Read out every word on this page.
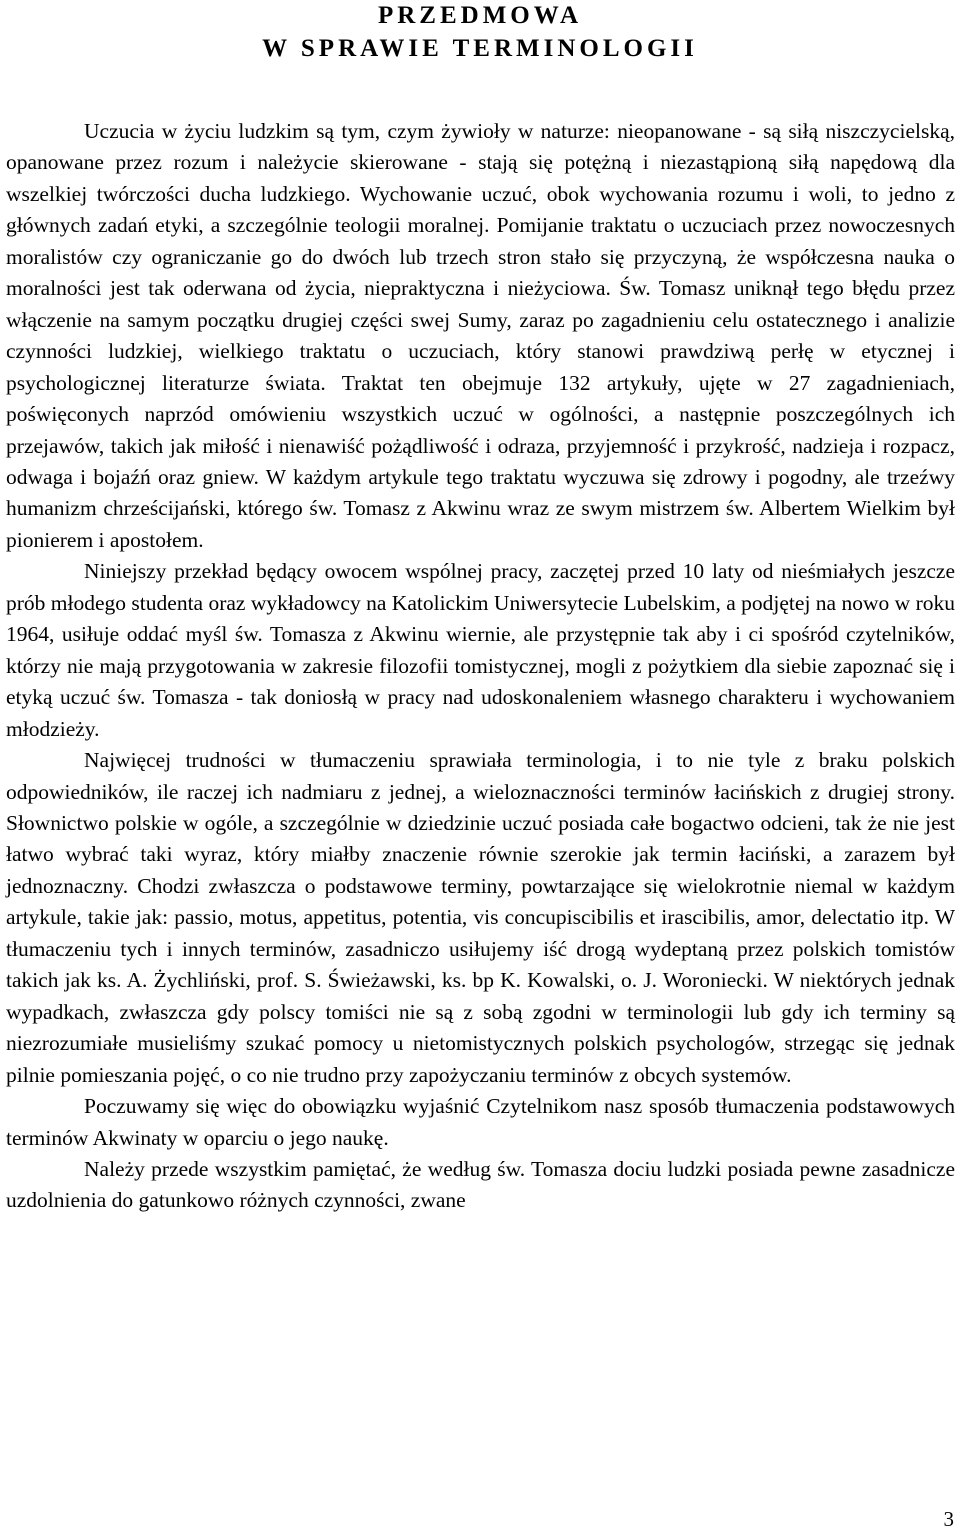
PRZEDMOWA
W SPRAWIE TERMINOLOGII

Uczucia w życiu ludzkim są tym, czym żywioły w naturze: nieopanowane - są siłą niszczycielską, opanowane przez rozum i należycie skierowane - stają się potężną i niezastąpioną siłą napędową dla wszelkiej twórczości ducha ludzkiego. Wychowanie uczuć, obok wychowania rozumu i woli, to jedno z głównych zadań etyki, a szczególnie teologii moralnej. Pomijanie traktatu o uczuciach przez nowoczesnych moralistów czy ograniczanie go do dwóch lub trzech stron stało się przyczyną, że współczesna nauka o moralności jest tak oderwana od życia, niepraktyczna i nieżyciowa. Św. Tomasz uniknął tego błędu przez włączenie na samym początku drugiej części swej Sumy, zaraz po zagadnieniu celu ostatecznego i analizie czynności ludzkiej, wielkiego traktatu o uczuciach, który stanowi prawdziwą perłę w etycznej i psychologicznej literaturze świata. Traktat ten obejmuje 132 artykuły, ujęte w 27 zagadnieniach, poświęconych naprzód omówieniu wszystkich uczuć w ogólności, a następnie poszczególnych ich przejawów, takich jak miłość i nienawiść pożądliwość i odraza, przyjemność i przykrość, nadzieja i rozpacz, odwaga i bojaźń oraz gniew. W każdym artykule tego traktatu wyczuwa się zdrowy i pogodny, ale trzeźwy humanizm chrześcijański, którego św. Tomasz z Akwinu wraz ze swym mistrzem św. Albertem Wielkim był pionierem i apostołem.

Niniejszy przekład będący owocem wspólnej pracy, zaczętej przed 10 laty od nieśmiałych jeszcze prób młodego studenta oraz wykładowcy na Katolickim Uniwersytecie Lubelskim, a podjętej na nowo w roku 1964, usiłuje oddać myśl św. Tomasza z Akwinu wiernie, ale przystępnie tak aby i ci spośród czytelników, którzy nie mają przygotowania w zakresie filozofii tomistycznej, mogli z pożytkiem dla siebie zapoznać się i etyką uczuć św. Tomasza - tak doniosłą w pracy nad udoskonaleniem własnego charakteru i wychowaniem młodzieży.

Najwięcej trudności w tłumaczeniu sprawiała terminologia, i to nie tyle z braku polskich odpowiedników, ile raczej ich nadmiaru z jednej, a wieloznaczności terminów łacińskich z drugiej strony. Słownictwo polskie w ogóle, a szczególnie w dziedzinie uczuć posiada całe bogactwo odcieni, tak że nie jest łatwo wybrać taki wyraz, który miałby znaczenie równie szerokie jak termin łaciński, a zarazem był jednoznaczny. Chodzi zwłaszcza o podstawowe terminy, powtarzające się wielokrotnie niemal w każdym artykule, takie jak: passio, motus, appetitus, potentia, vis concupiscibilis et irascibilis, amor, delectatio itp. W tłumaczeniu tych i innych terminów, zasadniczo usiłujemy iść drogą wydeptaną przez polskich tomistów takich jak ks. A. Żychliński, prof. S. Świeżawski, ks. bp K. Kowalski, o. J. Woroniecki. W niektórych jednak wypadkach, zwłaszcza gdy polscy tomiści nie są z sobą zgodni w terminologii lub gdy ich terminy są niezrozumiałe musieliśmy szukać pomocy u nietomistycznych polskich psychologów, strzegąc się jednak pilnie pomieszania pojęć, o co nie trudno przy zapożyczaniu terminów z obcych systemów.

Poczuwamy się więc do obowiązku wyjaśnić Czytelnikom nasz sposób tłumaczenia podstawowych terminów Akwinaty w oparciu o jego naukę.

Należy przede wszystkim pamiętać, że według św. Tomasza dociu ludzki posiada pewne zasadnicze uzdolnienia do gatunkowo różnych czynności, zwane

3
